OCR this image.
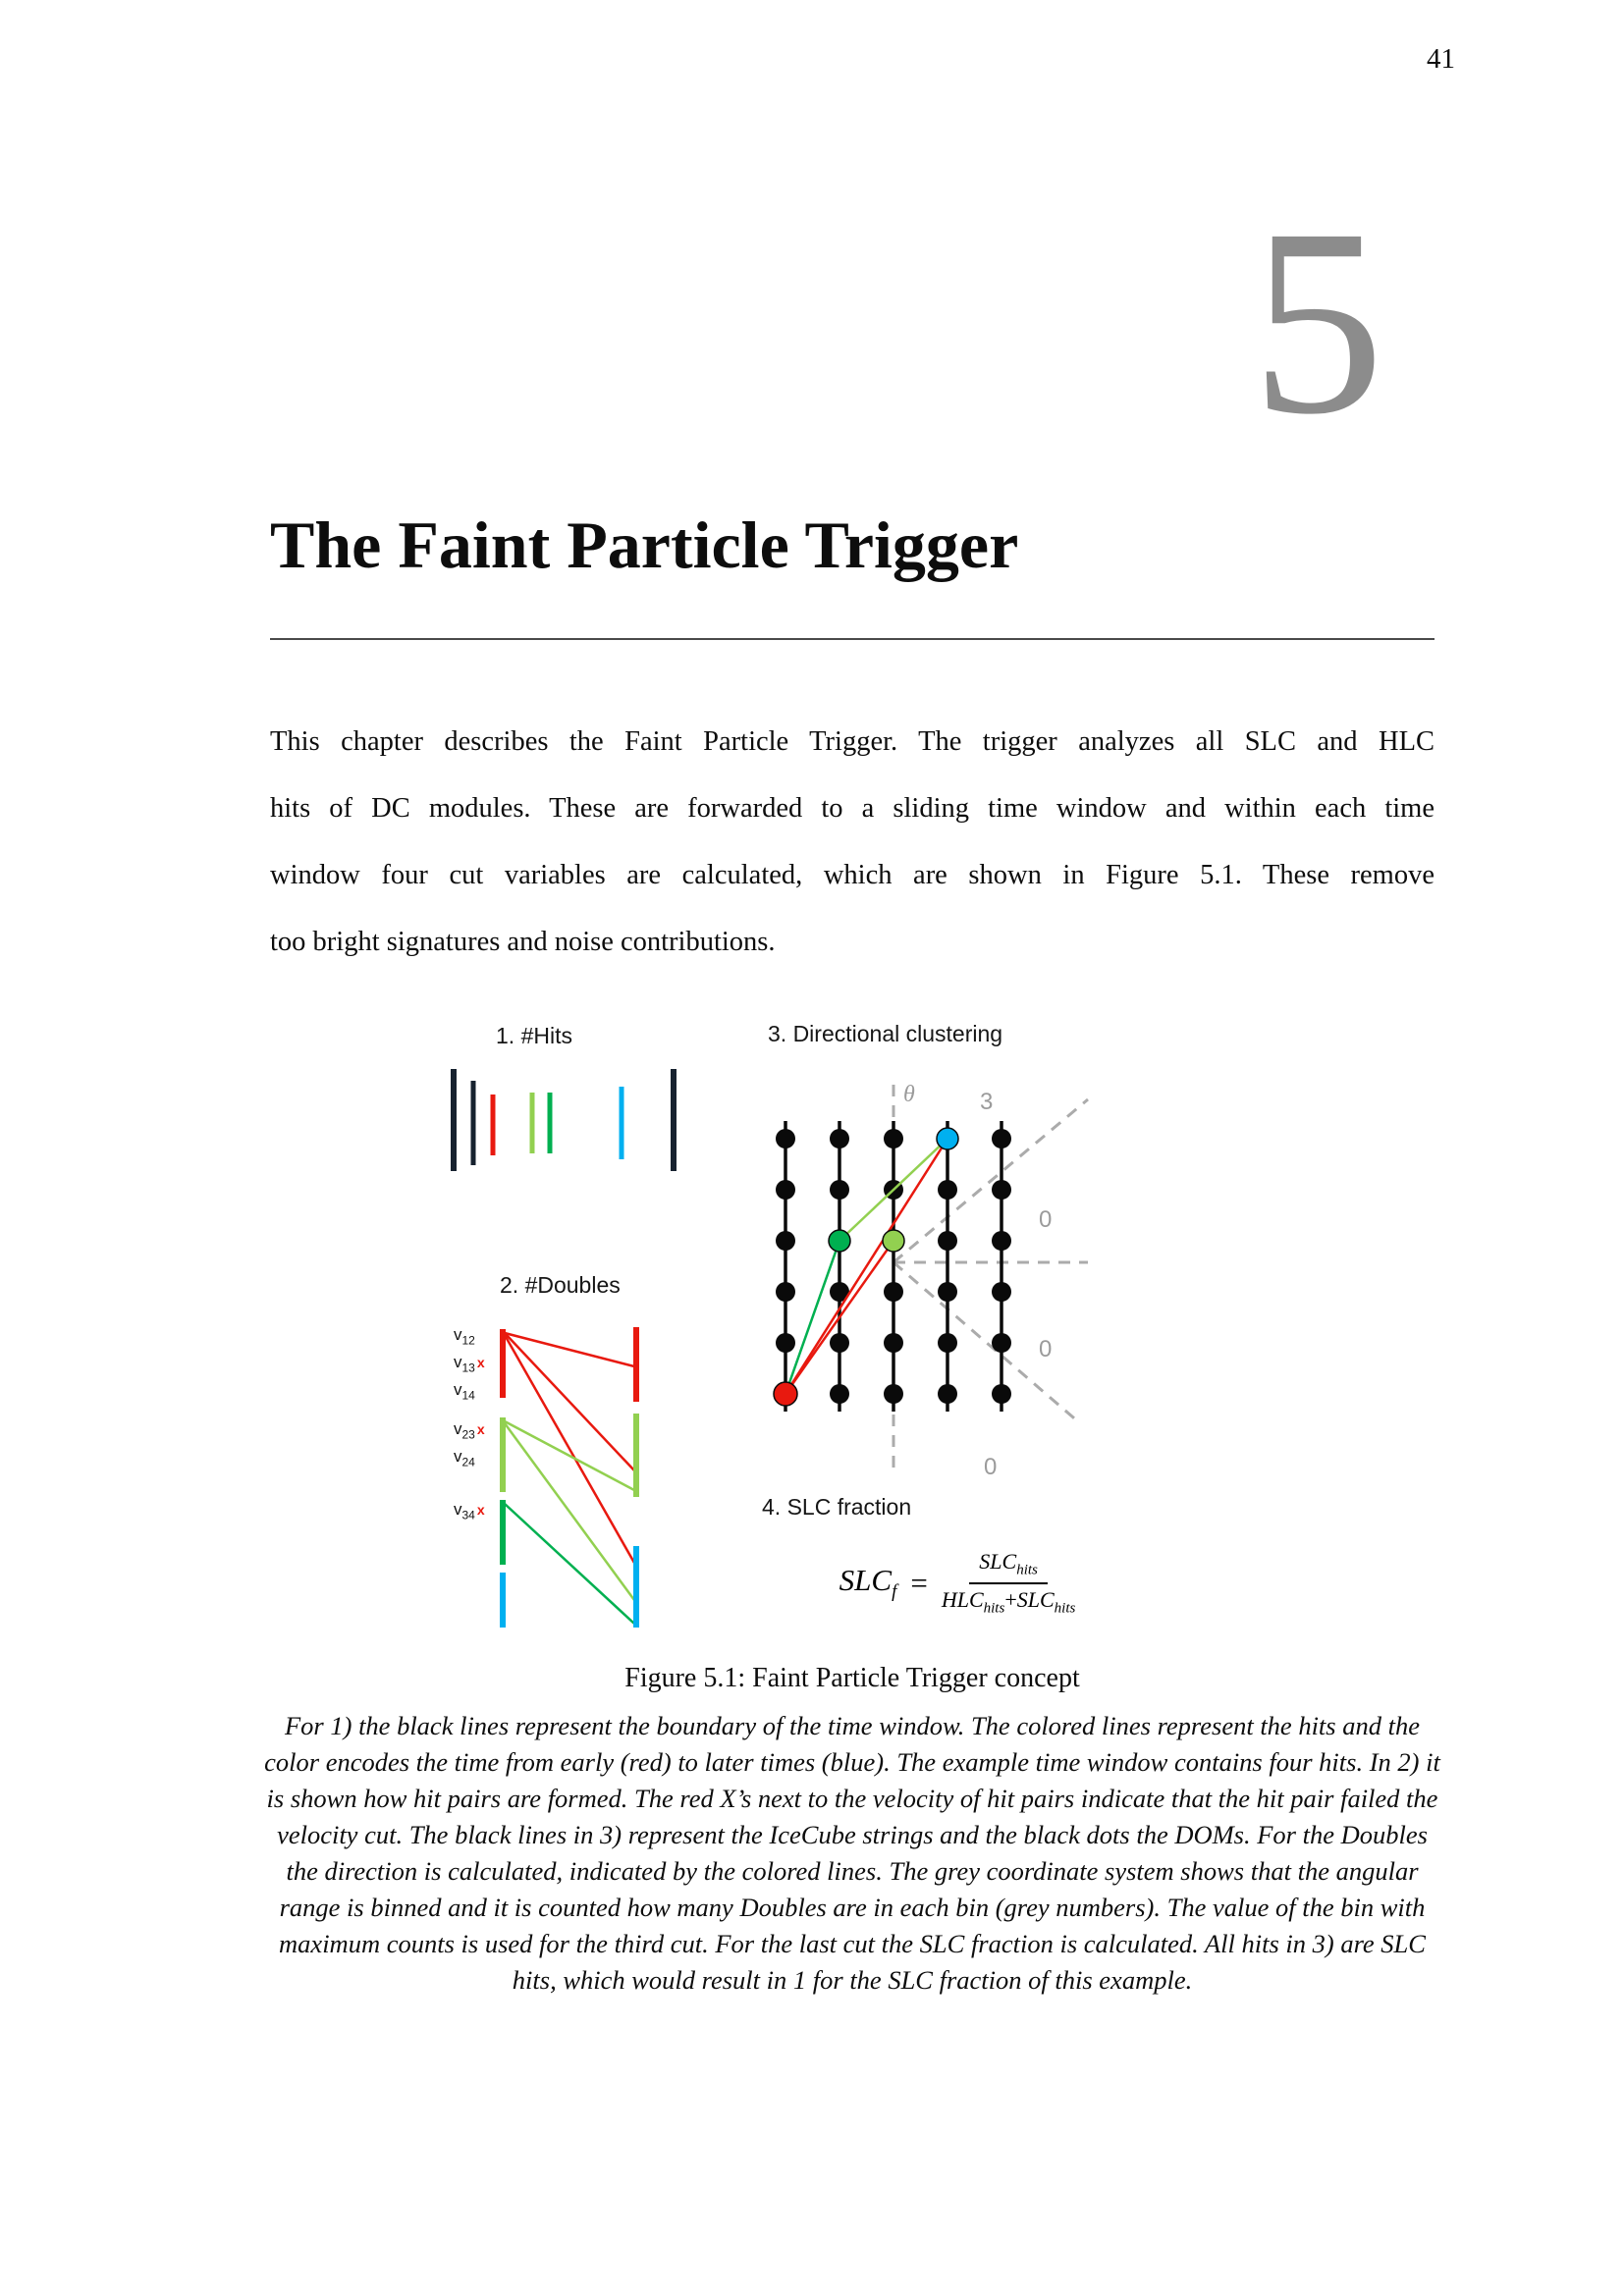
41
5
The Faint Particle Trigger
This chapter describes the Faint Particle Trigger. The trigger analyzes all SLC and HLC
hits of DC modules. These are forwarded to a sliding time window and within each time
window four cut variables are calculated, which are shown in Figure 5.1. These remove
too bright signatures and noise contributions.
1. #Hits	3. Directional clustering
2. #Doubles
4. SLC fraction
$v_{12}$
$v_{13}$ x
$v_{14}$
$v_{23}$ x
$v_{24}$
$v_{34}$ x
θ	3
0
0
0
$SLC_f = \frac{SLC_{hits}}{HLC_{hits}+SLC_{hits}}$
Figure 5.1: Faint Particle Trigger concept
For 1) the black lines represent the boundary of the time window. The colored lines represent the hits and the color encodes the time from early (red) to later times (blue). The example time window contains four hits. In 2) it is shown how hit pairs are formed. The red X’s next to the velocity of hit pairs indicate that the hit pair failed the velocity cut. The black lines in 3) represent the IceCube strings and the black dots the DOMs. For the Doubles the direction is calculated, indicated by the colored lines. The grey coordinate system shows that the angular range is binned and it is counted how many Doubles are in each bin (grey numbers). The value of the bin with maximum counts is used for the third cut. For the last cut the SLC fraction is calculated. All hits in 3) are SLC hits, which would result in 1 for the SLC fraction of this example.
